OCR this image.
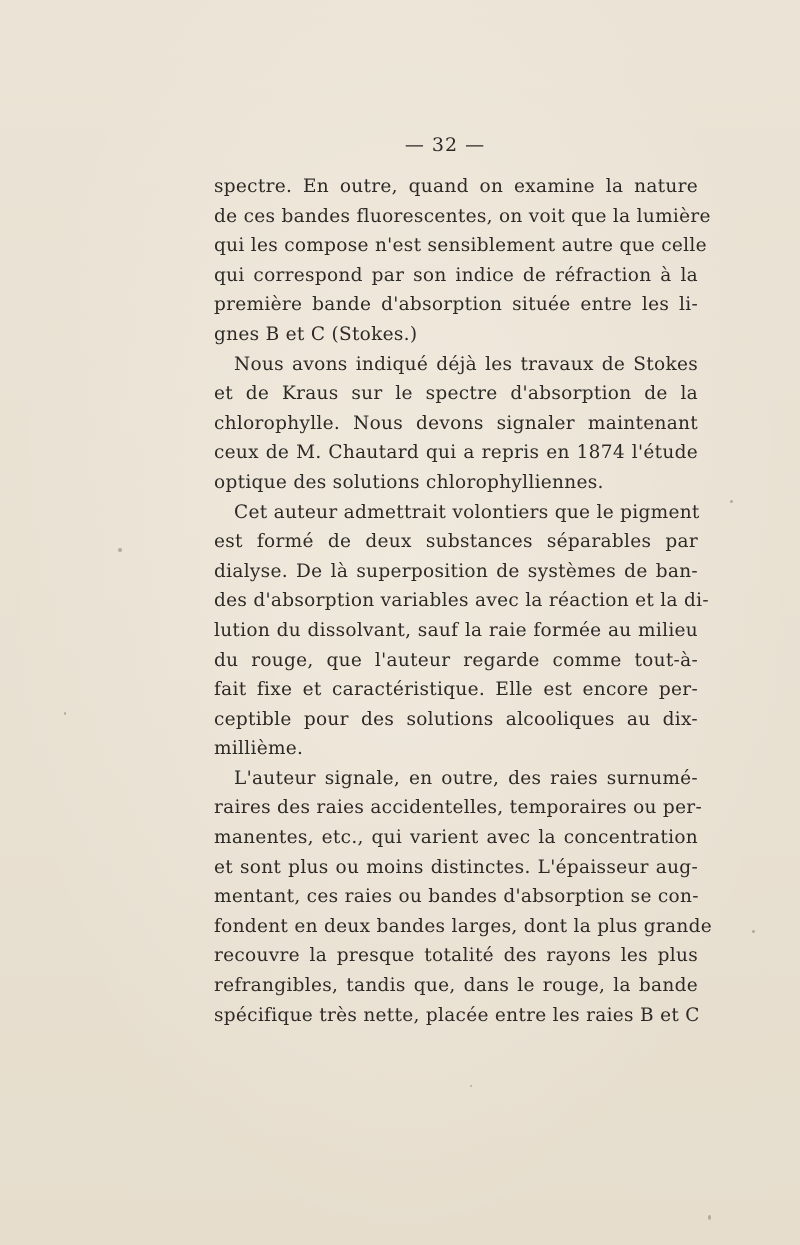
— 32 —
spectre. En outre, quand on examine la nature
de ces bandes fluorescentes, on voit que la lumière
qui les compose n'est sensiblement autre que celle
qui correspond par son indice de réfraction à la
première bande d'absorption située entre les li-
gnes B et C (Stokes.)
Nous avons indiqué déjà les travaux de Stokes
et de Kraus sur le spectre d'absorption de la
chlorophylle. Nous devons signaler maintenant
ceux de M. Chautard qui a repris en 1874 l'étude
optique des solutions chlorophylliennes.
Cet auteur admettrait volontiers que le pigment
est formé de deux substances séparables par
dialyse. De là superposition de systèmes de ban-
des d'absorption variables avec la réaction et la di-
lution du dissolvant, sauf la raie formée au milieu
du rouge, que l'auteur regarde comme tout-à-
fait fixe et caractéristique. Elle est encore per-
ceptible pour des solutions alcooliques au dix-
millième.
L'auteur signale, en outre, des raies surnumé-
raires des raies accidentelles, temporaires ou per-
manentes, etc., qui varient avec la concentration
et sont plus ou moins distinctes. L'épaisseur aug-
mentant, ces raies ou bandes d'absorption se con-
fondent en deux bandes larges, dont la plus grande
recouvre la presque totalité des rayons les plus
refrangibles, tandis que, dans le rouge, la bande
spécifique très nette, placée entre les raies B et C
